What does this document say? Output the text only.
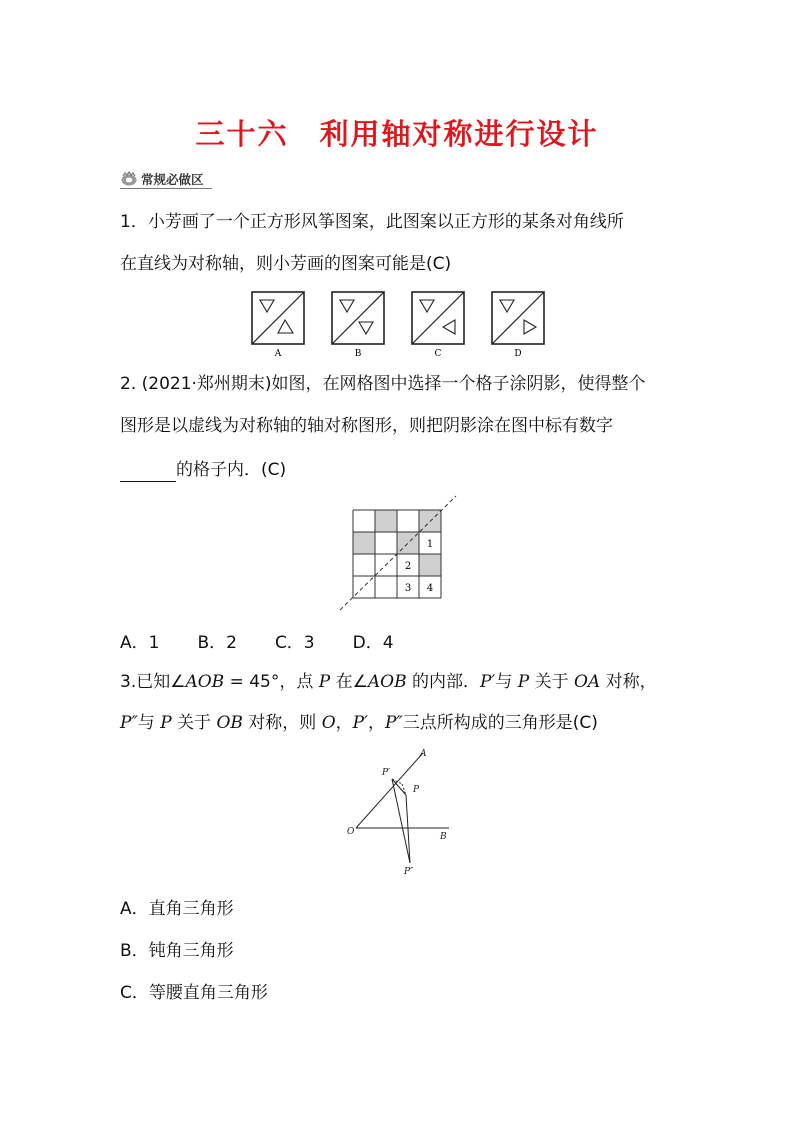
三十六　利用轴对称进行设计
常规必做区
1．小芳画了一个正方形风筝图案，此图案以正方形的某条对角线所
在直线为对称轴，则小芳画的图案可能是(C)
A	B	C	D
2. (2021·郑州期末)如图，在网格图中选择一个格子涂阴影，使得整个
图形是以虚线为对称轴的轴对称图形，则把阴影涂在图中标有数字
的格子内．(C)
1
2
3 4
A．1 B．2 C．3 D．4
3.已知∠AOB = 45°，点 P 在∠AOB 的内部．P′与 P 关于 OA 对称，
P″与 P 关于 OB 对称，则 O，P′，P″三点所构成的三角形是(C)
A
B
O
P
P′
P″
A．直角三角形
B．钝角三角形
C．等腰直角三角形
